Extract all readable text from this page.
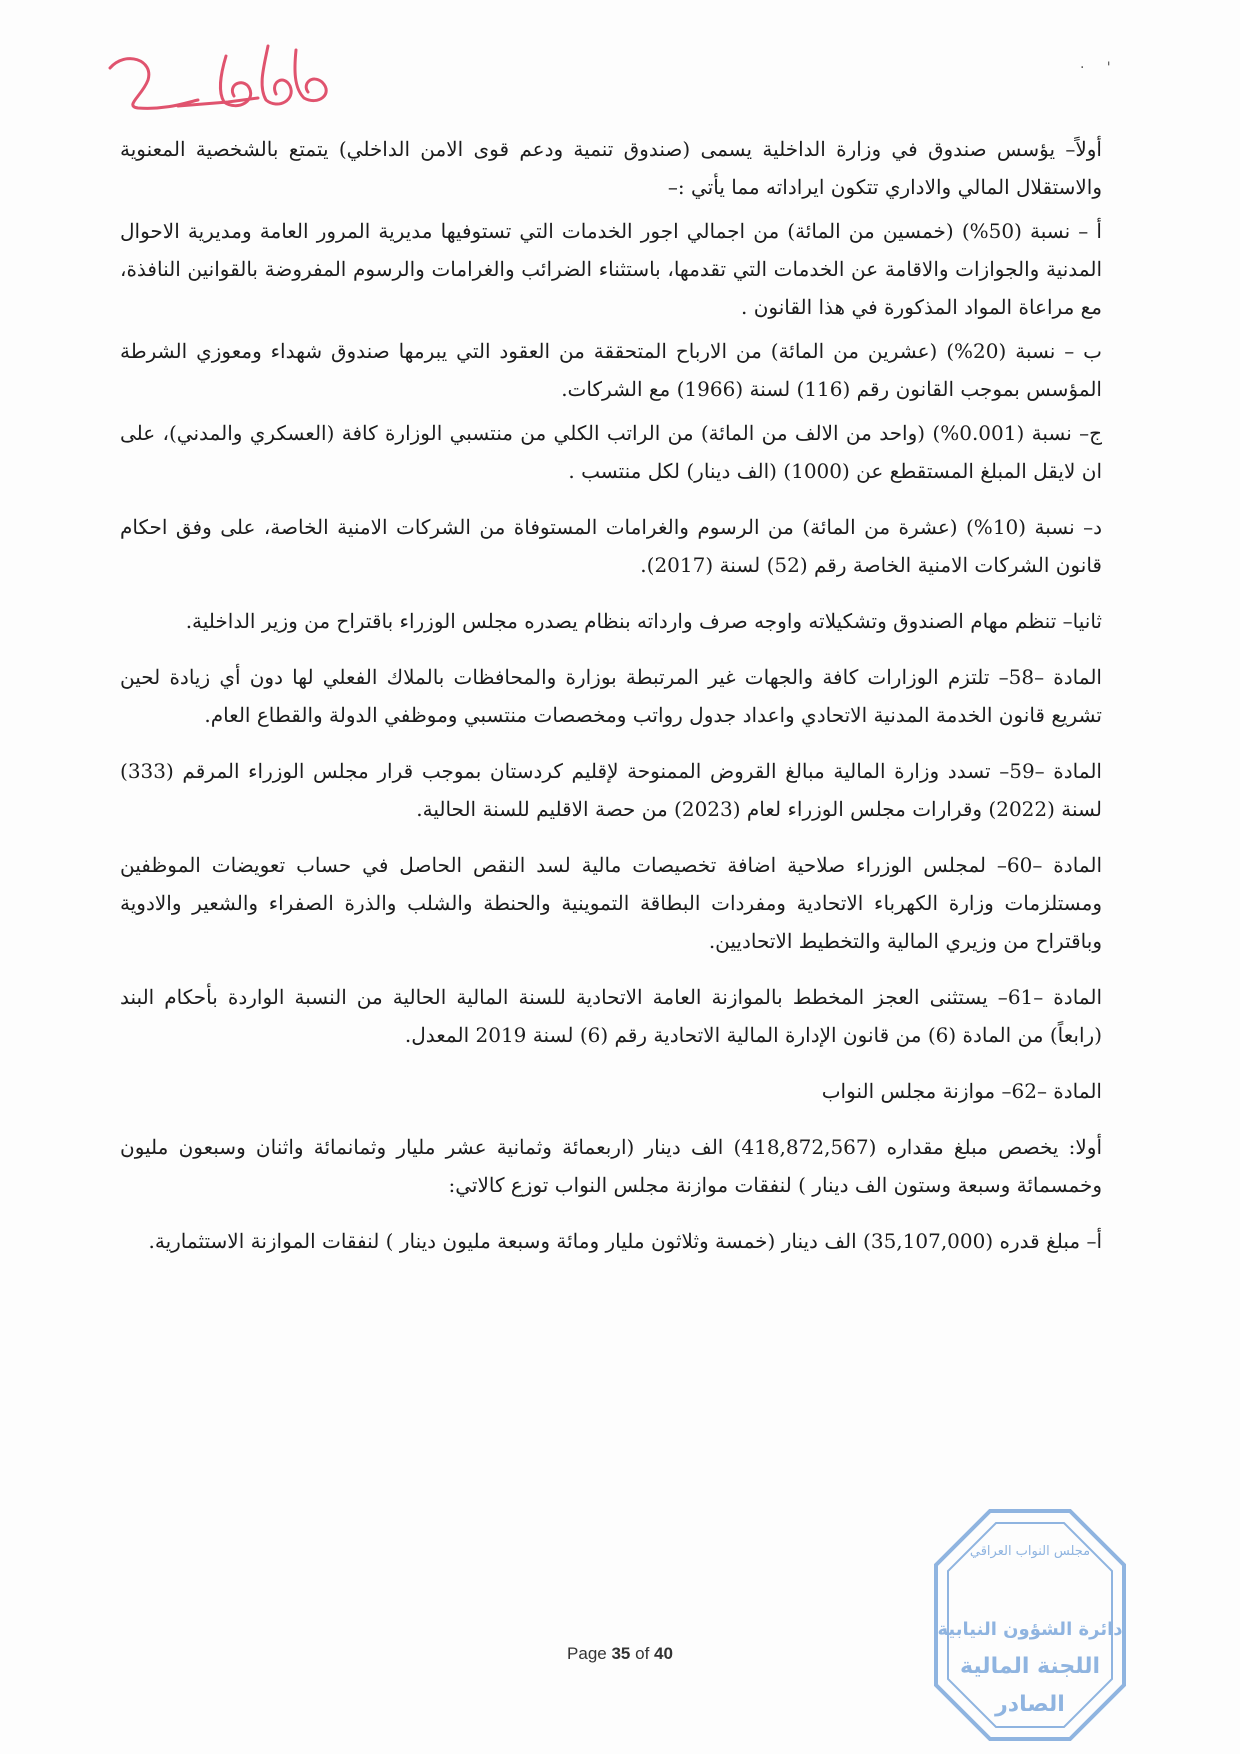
·     '

أولاً– يؤسس صندوق في وزارة الداخلية يسمى (صندوق تنمية ودعم قوى الامن الداخلي) يتمتع بالشخصية المعنوية والاستقلال المالي والاداري تتكون ايراداته مما يأتي :–

أ – نسبة (50%) (خمسين من المائة) من اجمالي اجور الخدمات التي تستوفيها مديرية المرور العامة ومديرية الاحوال المدنية والجوازات والاقامة عن الخدمات التي تقدمها، باستثناء الضرائب والغرامات والرسوم المفروضة بالقوانين النافذة، مع مراعاة المواد المذكورة في هذا القانون .

ب – نسبة (20%) (عشرين من المائة) من الارباح المتحققة من العقود التي يبرمها صندوق شهداء ومعوزي الشرطة المؤسس بموجب القانون رقم (116) لسنة (1966) مع الشركات.

ج– نسبة (0.001%) (واحد من الالف من المائة) من الراتب الكلي من منتسبي الوزارة كافة (العسكري والمدني)، على ان لايقل المبلغ المستقطع عن (1000) (الف دينار) لكل منتسب .

د– نسبة (10%) (عشرة من المائة) من الرسوم والغرامات المستوفاة من الشركات الامنية الخاصة، على وفق احكام قانون الشركات الامنية الخاصة رقم (52) لسنة (2017).

ثانيا– تنظم مهام الصندوق وتشكيلاته واوجه صرف وارداته بنظام يصدره مجلس الوزراء باقتراح من وزير الداخلية.

المادة –58– تلتزم الوزارات كافة والجهات غير المرتبطة بوزارة والمحافظات بالملاك الفعلي لها دون أي زيادة لحين تشريع قانون الخدمة المدنية الاتحادي واعداد جدول رواتب ومخصصات منتسبي وموظفي الدولة والقطاع العام.

المادة –59– تسدد وزارة المالية مبالغ القروض الممنوحة لإقليم كردستان بموجب قرار مجلس الوزراء المرقم (333) لسنة (2022) وقرارات مجلس الوزراء لعام (2023) من حصة الاقليم للسنة الحالية.

المادة –60– لمجلس الوزراء صلاحية اضافة تخصيصات مالية لسد النقص الحاصل في حساب تعويضات الموظفين ومستلزمات وزارة الكهرباء الاتحادية ومفردات البطاقة التموينية والحنطة والشلب والذرة الصفراء والشعير والادوية وباقتراح من وزيري المالية والتخطيط الاتحاديين.

المادة –61– يستثنى العجز المخطط بالموازنة العامة الاتحادية للسنة المالية الحالية من النسبة الواردة بأحكام البند (رابعاً) من المادة (6) من قانون الإدارة المالية الاتحادية رقم (6) لسنة 2019 المعدل.

المادة –62– موازنة مجلس النواب

أولا: يخصص مبلغ مقداره (418,872,567) الف دينار (اربعمائة وثمانية عشر مليار وثمانمائة واثنان وسبعون مليون وخمسمائة وسبعة وستون الف دينار ) لنفقات موازنة مجلس النواب توزع كالاتي:

أ– مبلغ قدره (35,107,000) الف دينار (خمسة وثلاثون مليار ومائة وسبعة مليون دينار ) لنفقات الموازنة الاستثمارية.

Page 35 of 40
مجلس النواب العراقي
دائرة الشؤون النيابية
اللجنة المالية
الصادر
